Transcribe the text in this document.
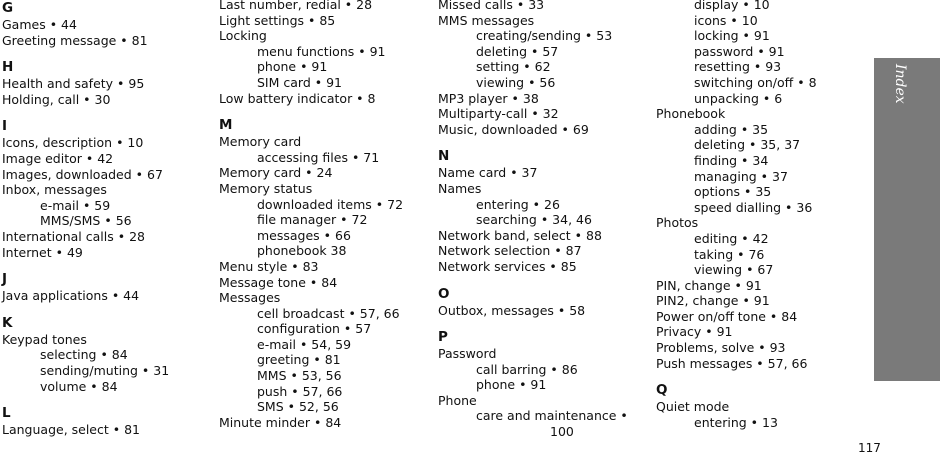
G
Games • 44
Greeting message • 81
H
Health and safety • 95
Holding, call • 30
I
Icons, description • 10
Image editor • 42
Images, downloaded • 67
Inbox, messages
e-mail • 59
MMS/SMS • 56
International calls • 28
Internet • 49
J
Java applications • 44
K
Keypad tones
selecting • 84
sending/muting • 31
volume • 84
L
Language, select • 81
Last number, redial • 28
Light settings • 85
Locking
menu functions • 91
phone • 91
SIM card • 91
Low battery indicator • 8
M
Memory card
accessing files • 71
Memory card • 24
Memory status
downloaded items • 72
file manager • 72
messages • 66
phonebook 38
Menu style • 83
Message tone • 84
Messages
cell broadcast • 57, 66
configuration • 57
e-mail • 54, 59
greeting • 81
MMS • 53, 56
push • 57, 66
SMS • 52, 56
Minute minder • 84
Missed calls • 33
MMS messages
creating/sending • 53
deleting • 57
setting • 62
viewing • 56
MP3 player • 38
Multiparty-call • 32
Music, downloaded • 69
N
Name card • 37
Names
entering • 26
searching • 34, 46
Network band, select • 88
Network selection • 87
Network services • 85
O
Outbox, messages • 58
P
Password
call barring • 86
phone • 91
Phone
care and maintenance •
100
display • 10
icons • 10
locking • 91
password • 91
resetting • 93
switching on/off • 8
unpacking • 6
Phonebook
adding • 35
deleting • 35, 37
finding • 34
managing • 37
options • 35
speed dialling • 36
Photos
editing • 42
taking • 76
viewing • 67
PIN, change • 91
PIN2, change • 91
Power on/off tone • 84
Privacy • 91
Problems, solve • 93
Push messages • 57, 66
Q
Quiet mode
entering • 13
Index
117
